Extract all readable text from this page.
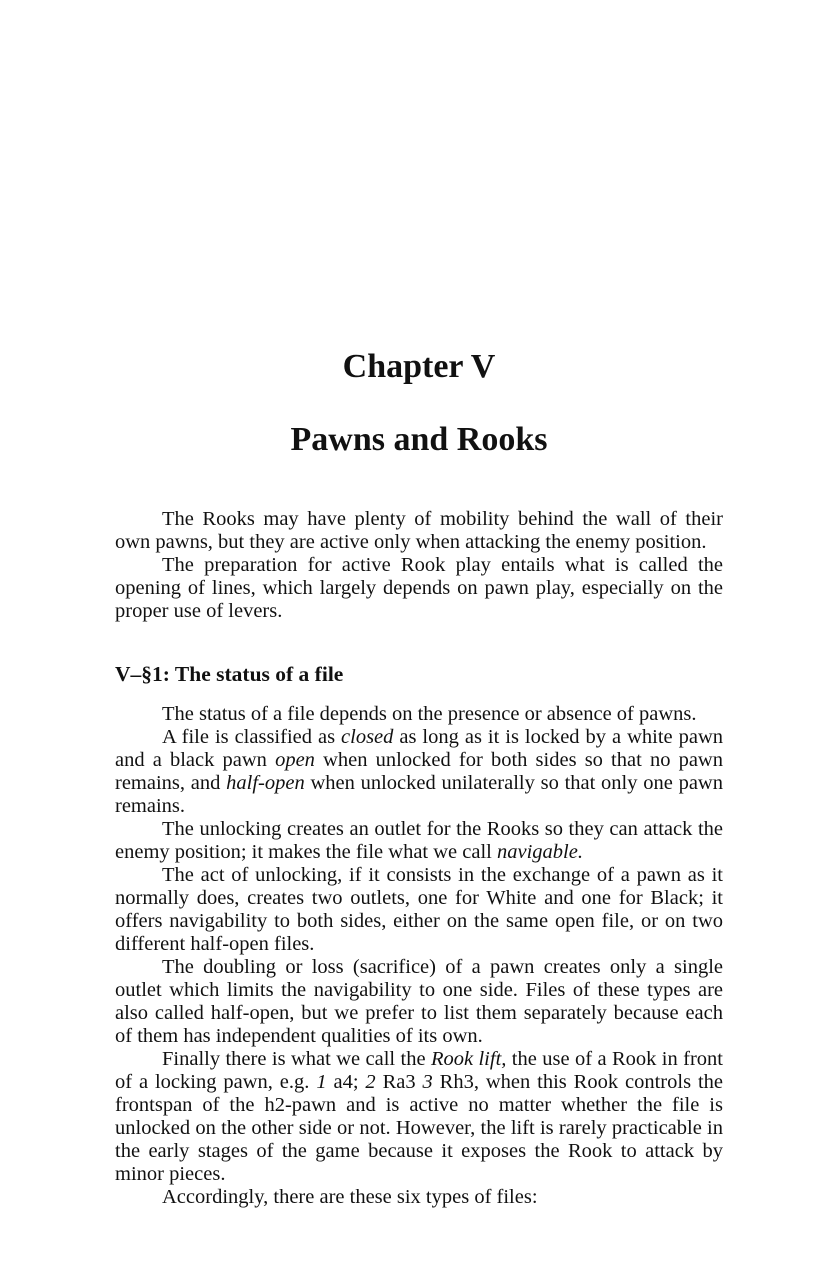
Chapter V
Pawns and Rooks

The Rooks may have plenty of mobility behind the wall of their own pawns, but they are active only when attacking the enemy position.

The preparation for active Rook play entails what is called the opening of lines, which largely depends on pawn play, especially on the proper use of levers.

V–§1: The status of a file

The status of a file depends on the presence or absence of pawns.

A file is classified as closed as long as it is locked by a white pawn and a black pawn open when unlocked for both sides so that no pawn remains, and half-open when unlocked unilaterally so that only one pawn remains.

The unlocking creates an outlet for the Rooks so they can attack the enemy position; it makes the file what we call navigable.

The act of unlocking, if it consists in the exchange of a pawn as it normally does, creates two outlets, one for White and one for Black; it offers navigability to both sides, either on the same open file, or on two different half-open files.

The doubling or loss (sacrifice) of a pawn creates only a single outlet which limits the navigability to one side. Files of these types are also called half-open, but we prefer to list them separately because each of them has independent qualities of its own.

Finally there is what we call the Rook lift, the use of a Rook in front of a locking pawn, e.g. 1 a4; 2 Ra3 3 Rh3, when this Rook controls the frontspan of the h2-pawn and is active no matter whether the file is unlocked on the other side or not. However, the lift is rarely practicable in the early stages of the game because it exposes the Rook to attack by minor pieces.

Accordingly, there are these six types of files:
